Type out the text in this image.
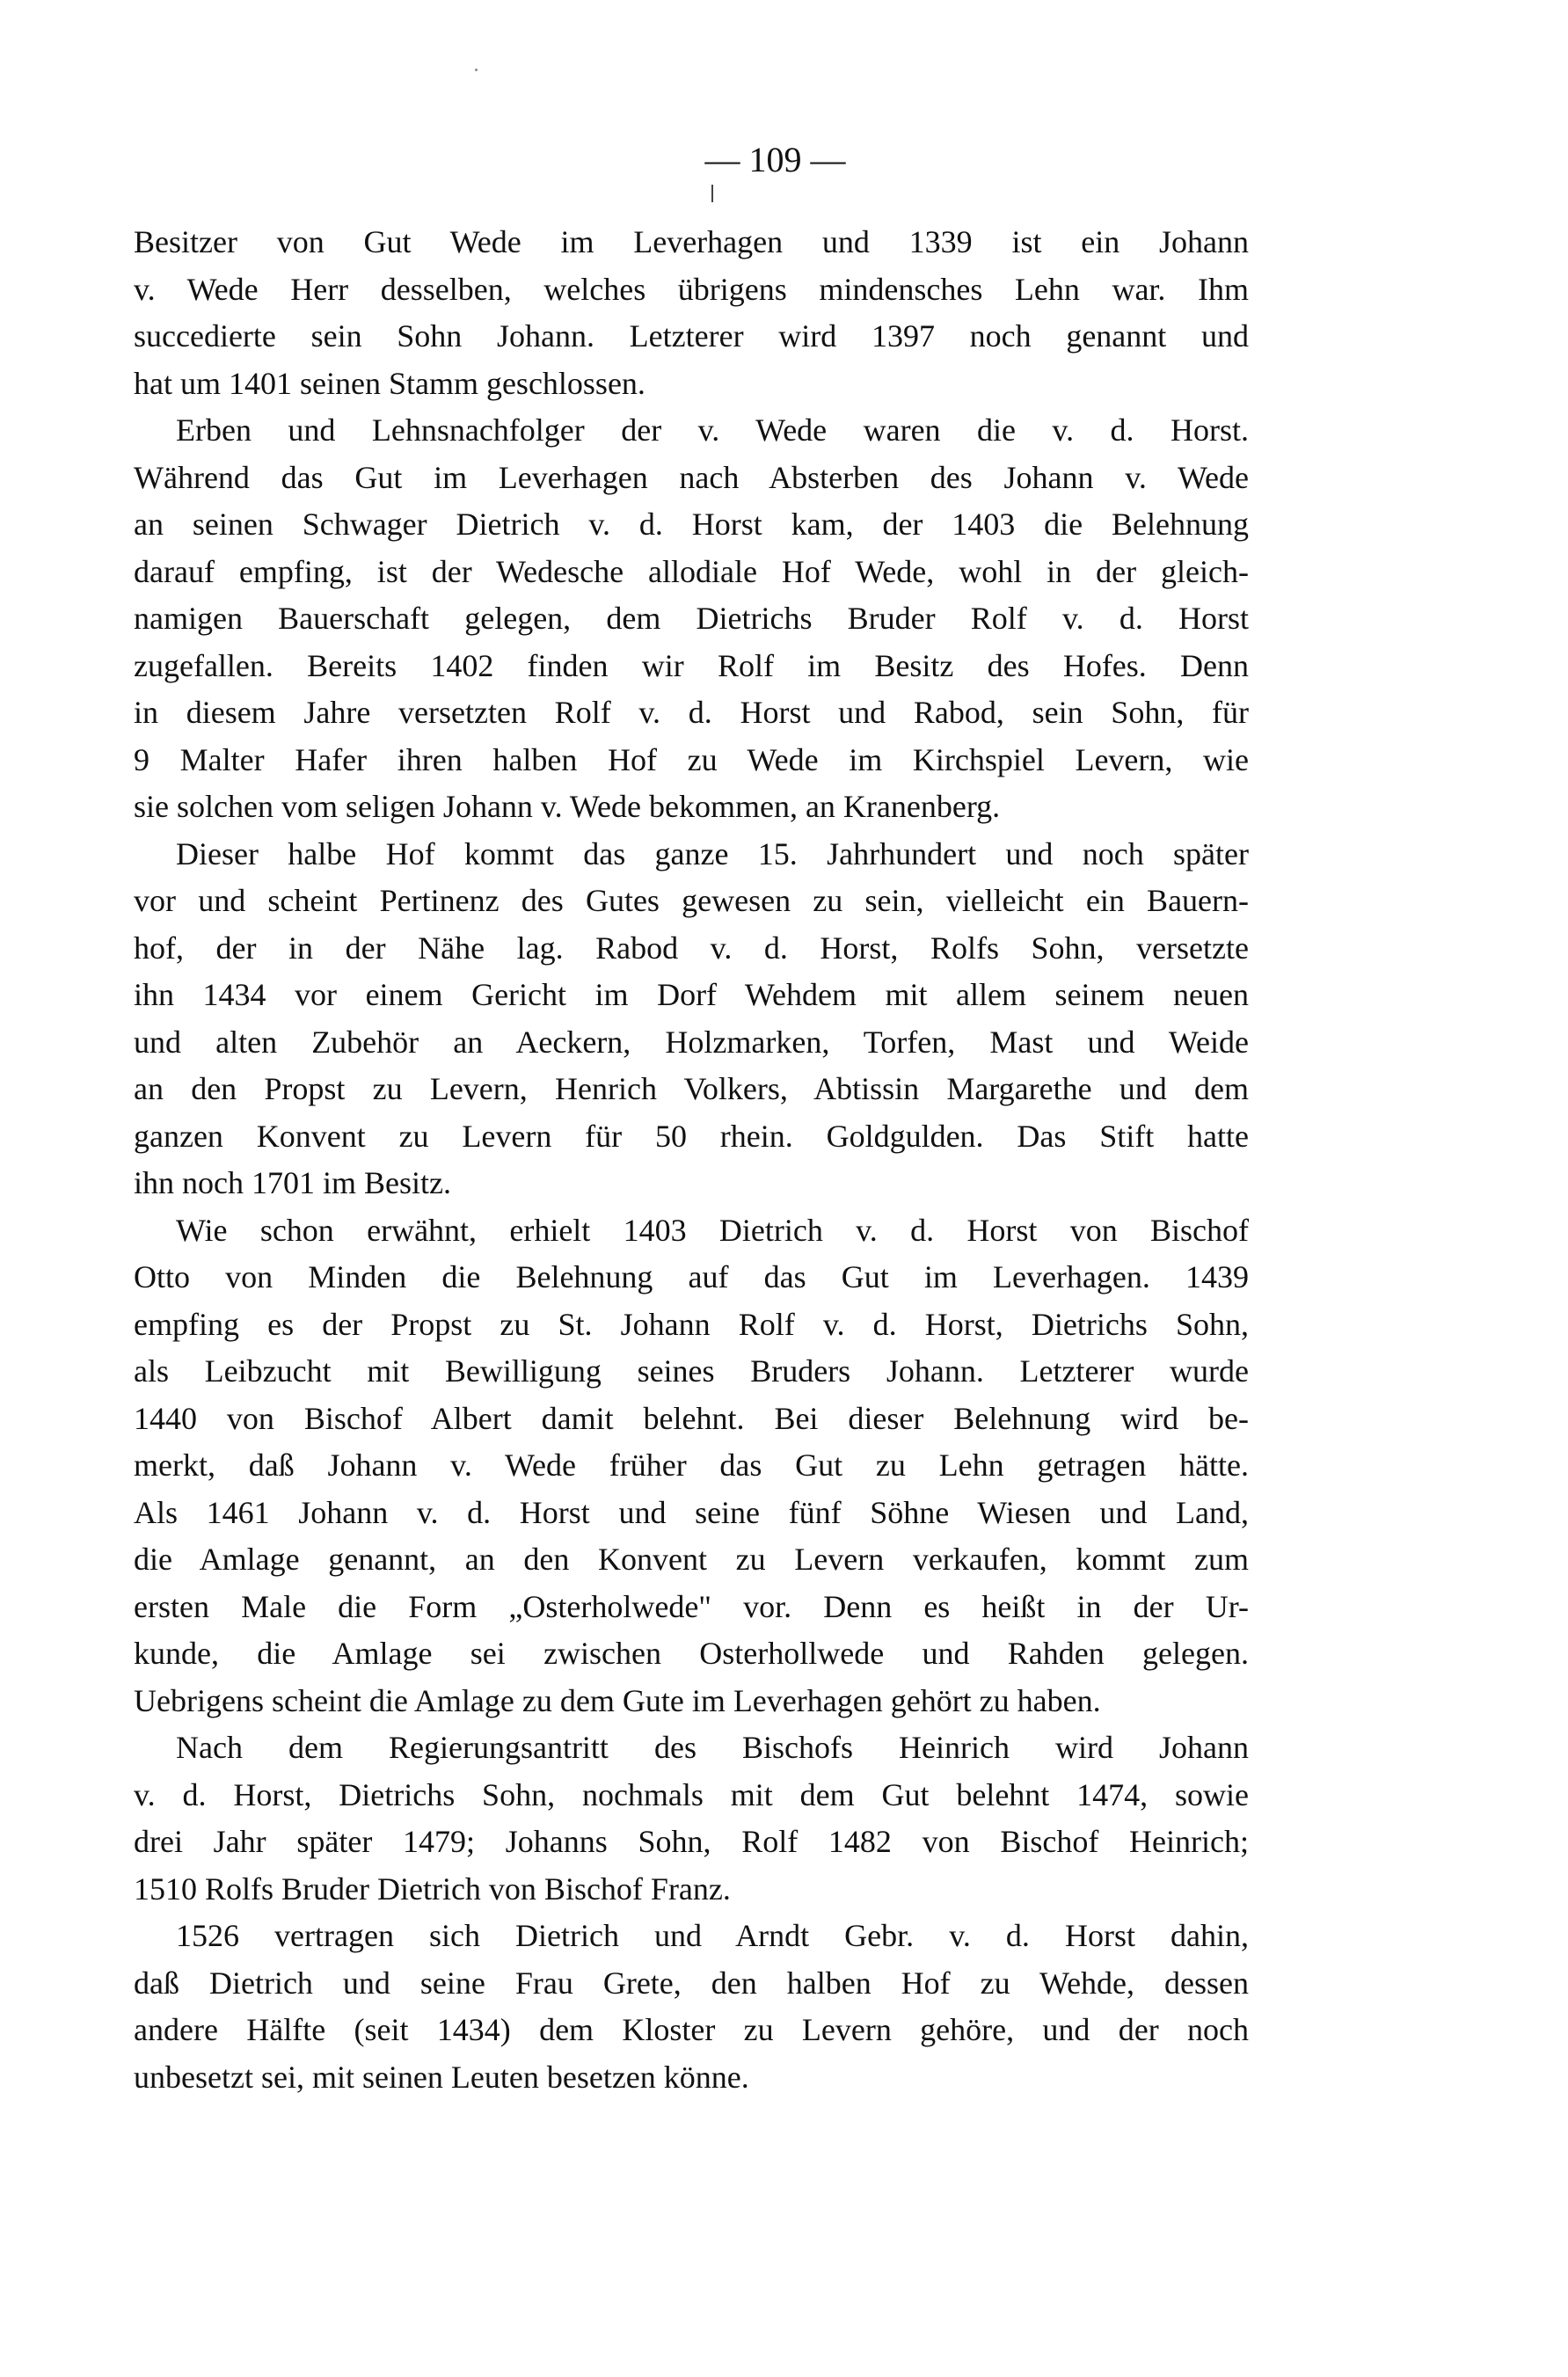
— 109 —
Besitzer von Gut Wede im Leverhagen und 1339 ist ein Johann
v. Wede Herr desselben, welches übrigens mindensches Lehn war. Ihm
succedierte sein Sohn Johann. Letzterer wird 1397 noch genannt und
hat um 1401 seinen Stamm geschlossen.
Erben und Lehnsnachfolger der v. Wede waren die v. d. Horst.
Während das Gut im Leverhagen nach Absterben des Johann v. Wede
an seinen Schwager Dietrich v. d. Horst kam, der 1403 die Belehnung
darauf empfing, ist der Wedesche allodiale Hof Wede, wohl in der gleich-
namigen Bauerschaft gelegen, dem Dietrichs Bruder Rolf v. d. Horst
zugefallen. Bereits 1402 finden wir Rolf im Besitz des Hofes. Denn
in diesem Jahre versetzten Rolf v. d. Horst und Rabod, sein Sohn, für
9 Malter Hafer ihren halben Hof zu Wede im Kirchspiel Levern, wie
sie solchen vom seligen Johann v. Wede bekommen, an Kranenberg.
Dieser halbe Hof kommt das ganze 15. Jahrhundert und noch später
vor und scheint Pertinenz des Gutes gewesen zu sein, vielleicht ein Bauern-
hof, der in der Nähe lag. Rabod v. d. Horst, Rolfs Sohn, versetzte
ihn 1434 vor einem Gericht im Dorf Wehdem mit allem seinem neuen
und alten Zubehör an Aeckern, Holzmarken, Torfen, Mast und Weide
an den Propst zu Levern, Henrich Volkers, Abtissin Margarethe und dem
ganzen Konvent zu Levern für 50 rhein. Goldgulden. Das Stift hatte
ihn noch 1701 im Besitz.
Wie schon erwähnt, erhielt 1403 Dietrich v. d. Horst von Bischof
Otto von Minden die Belehnung auf das Gut im Leverhagen. 1439
empfing es der Propst zu St. Johann Rolf v. d. Horst, Dietrichs Sohn,
als Leibzucht mit Bewilligung seines Bruders Johann. Letzterer wurde
1440 von Bischof Albert damit belehnt. Bei dieser Belehnung wird be-
merkt, daß Johann v. Wede früher das Gut zu Lehn getragen hätte.
Als 1461 Johann v. d. Horst und seine fünf Söhne Wiesen und Land,
die Amlage genannt, an den Konvent zu Levern verkaufen, kommt zum
ersten Male die Form „Osterholwede" vor. Denn es heißt in der Ur-
kunde, die Amlage sei zwischen Osterhollwede und Rahden gelegen.
Uebrigens scheint die Amlage zu dem Gute im Leverhagen gehört zu haben.
Nach dem Regierungsantritt des Bischofs Heinrich wird Johann
v. d. Horst, Dietrichs Sohn, nochmals mit dem Gut belehnt 1474, sowie
drei Jahr später 1479; Johanns Sohn, Rolf 1482 von Bischof Heinrich;
1510 Rolfs Bruder Dietrich von Bischof Franz.
1526 vertragen sich Dietrich und Arndt Gebr. v. d. Horst dahin,
daß Dietrich und seine Frau Grete, den halben Hof zu Wehde, dessen
andere Hälfte (seit 1434) dem Kloster zu Levern gehöre, und der noch
unbesetzt sei, mit seinen Leuten besetzen könne.
